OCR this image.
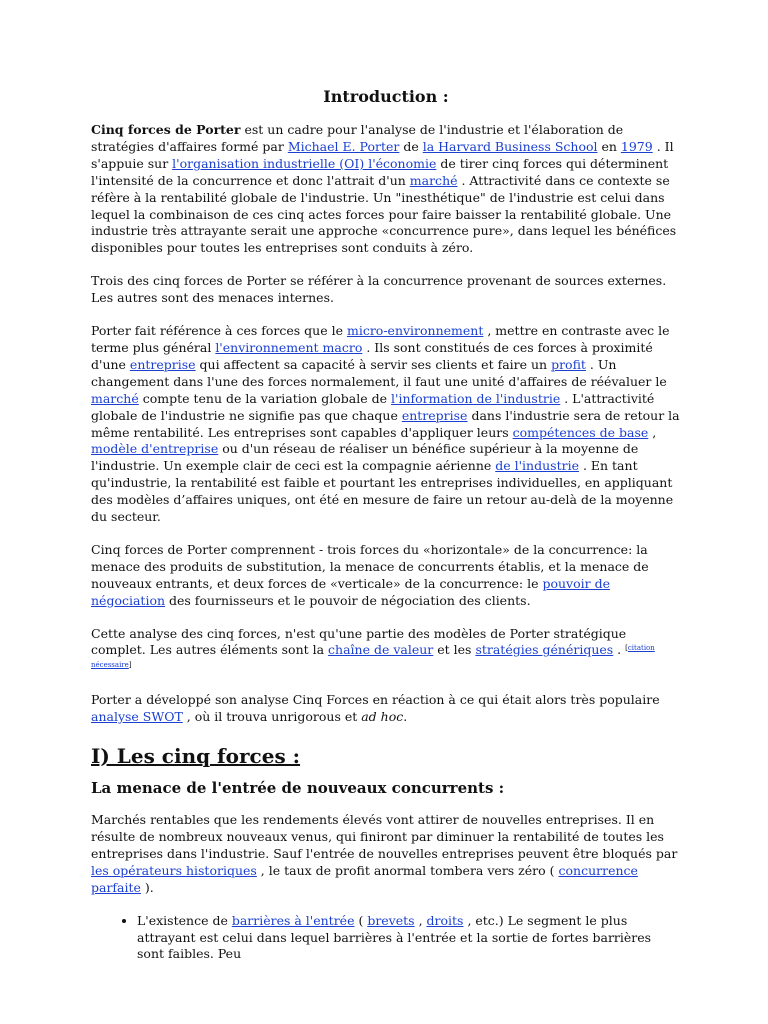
Introduction :

Cinq forces de Porter est un cadre pour l'analyse de l'industrie et l'élaboration de stratégies d'affaires formé par Michael E. Porter de la Harvard Business School en 1979 . Il s'appuie sur l'organisation industrielle (OI) l'économie de tirer cinq forces qui déterminent l'intensité de la concurrence et donc l'attrait d'un marché . Attractivité dans ce contexte se réfère à la rentabilité globale de l'industrie. Un "inesthétique" de l'industrie est celui dans lequel la combinaison de ces cinq actes forces pour faire baisser la rentabilité globale. Une industrie très attrayante serait une approche «concurrence pure», dans lequel les bénéfices disponibles pour toutes les entreprises sont conduits à zéro.

Trois des cinq forces de Porter se référer à la concurrence provenant de sources externes. Les autres sont des menaces internes.

Porter fait référence à ces forces que le micro-environnement , mettre en contraste avec le terme plus général l'environnement macro . Ils sont constitués de ces forces à proximité d'une entreprise qui affectent sa capacité à servir ses clients et faire un profit . Un changement dans l'une des forces normalement, il faut une unité d'affaires de réévaluer le marché compte tenu de la variation globale de l'information de l'industrie . L'attractivité globale de l'industrie ne signifie pas que chaque entreprise dans l'industrie sera de retour la même rentabilité. Les entreprises sont capables d'appliquer leurs compétences de base , modèle d'entreprise ou d'un réseau de réaliser un bénéfice supérieur à la moyenne de l'industrie. Un exemple clair de ceci est la compagnie aérienne de l'industrie . En tant qu'industrie, la rentabilité est faible et pourtant les entreprises individuelles, en appliquant des modèles d’affaires uniques, ont été en mesure de faire un retour au-delà de la moyenne du secteur.

Cinq forces de Porter comprennent - trois forces du «horizontale» de la concurrence: la menace des produits de substitution, la menace de concurrents établis, et la menace de nouveaux entrants, et deux forces de «verticale» de la concurrence: le pouvoir de négociation des fournisseurs et le pouvoir de négociation des clients.

Cette analyse des cinq forces, n'est qu'une partie des modèles de Porter stratégique complet. Les autres éléments sont la chaîne de valeur et les stratégies génériques . [citation nécessaire]

Porter a développé son analyse Cinq Forces en réaction à ce qui était alors très populaire analyse SWOT , où il trouva unrigorous et ad hoc.

I) Les cinq forces :
La menace de l'entrée de nouveaux concurrents :

Marchés rentables que les rendements élevés vont attirer de nouvelles entreprises. Il en résulte de nombreux nouveaux venus, qui finiront par diminuer la rentabilité de toutes les entreprises dans l'industrie. Sauf l'entrée de nouvelles entreprises peuvent être bloqués par les opérateurs historiques , le taux de profit anormal tombera vers zéro ( concurrence parfaite ).

• L'existence de barrières à l'entrée ( brevets , droits , etc.) Le segment le plus attrayant est celui dans lequel barrières à l'entrée et la sortie de fortes barrières sont faibles. Peu
